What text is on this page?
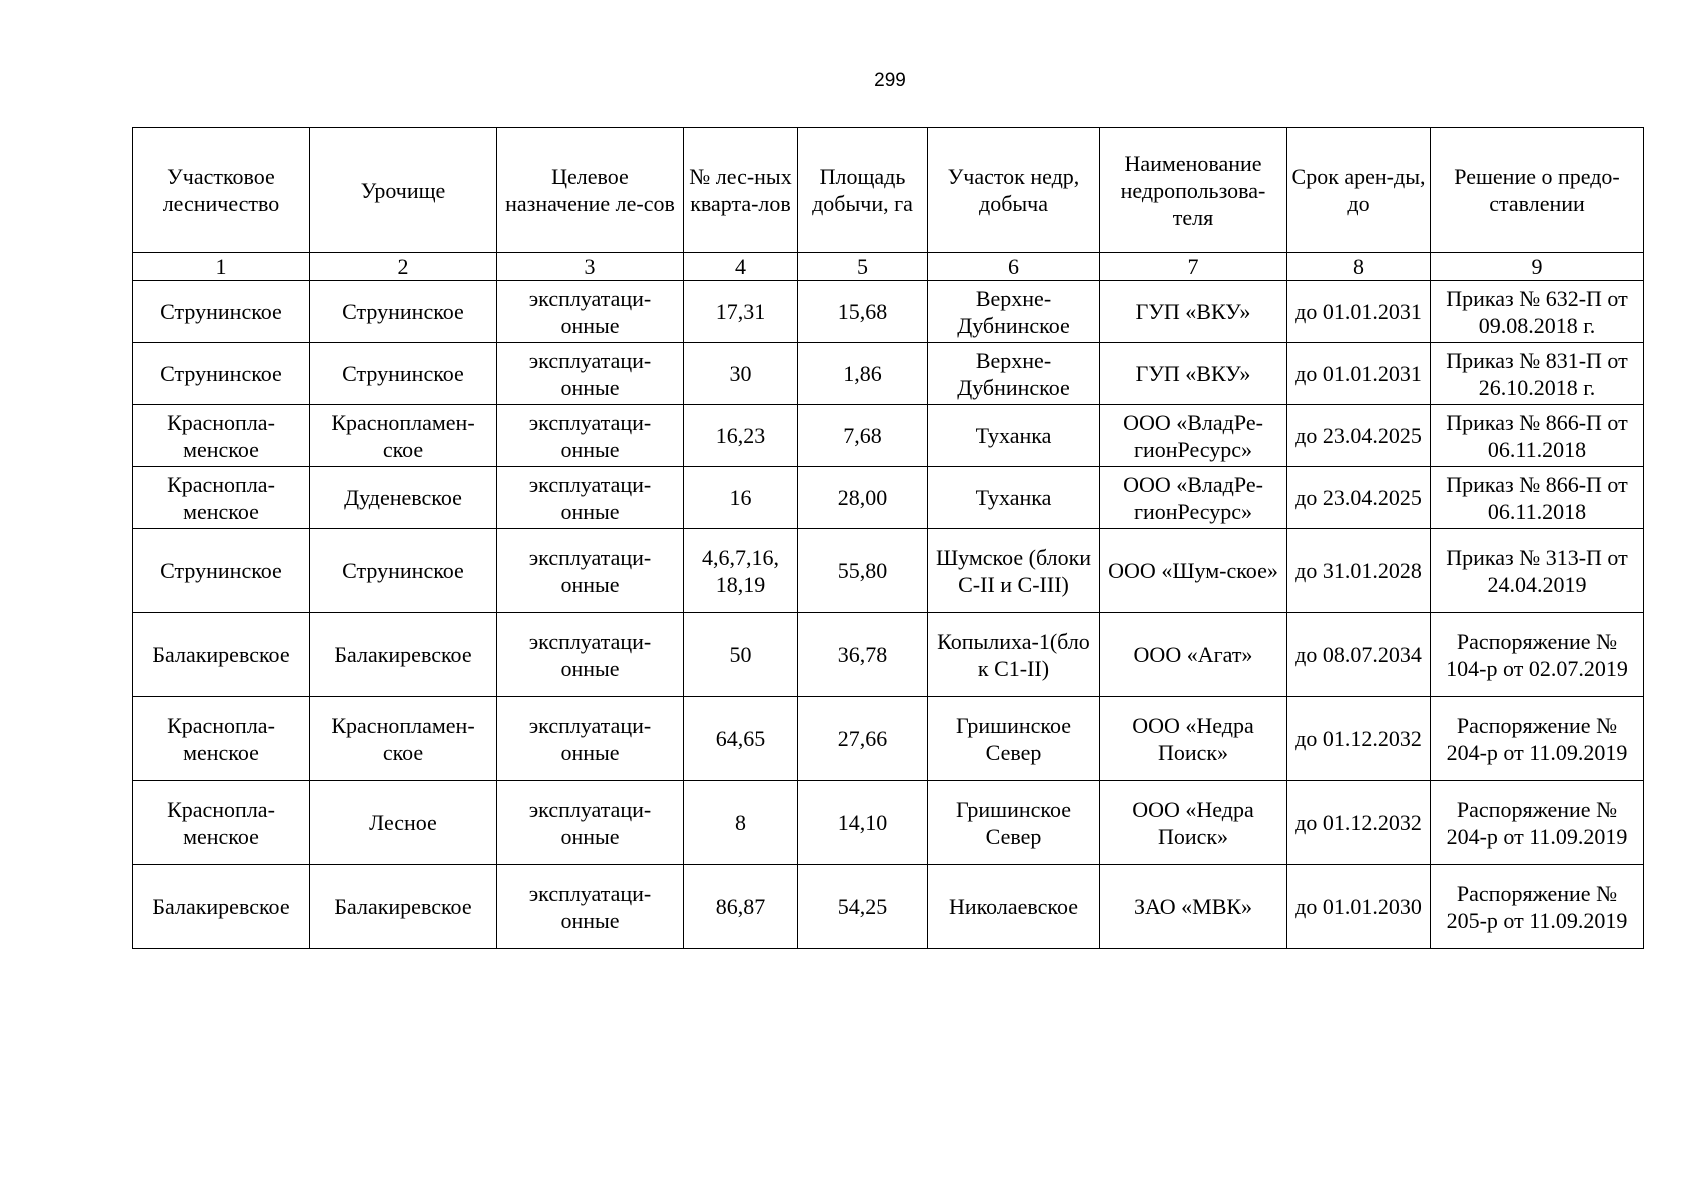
299
Участковое лесничество	Урочище	Целевое назначение ле-сов	№ лес-ных кварта-лов	Площадь добычи, га	Участок недр, добыча	Наименование недропользова-теля	Срок арен-ды, до	Решение о предо-ставлении
1	2	3	4	5	6	7	8	9
Струнинское	Струнинское	эксплуатаци-онные	17,31	15,68	Верхне-Дубнинское	ГУП «ВКУ»	до 01.01.2031	Приказ № 632-П от 09.08.2018 г.
Струнинское	Струнинское	эксплуатаци-онные	30	1,86	Верхне-Дубнинское	ГУП «ВКУ»	до 01.01.2031	Приказ № 831-П от 26.10.2018 г.
Краснопла-менское	Краснопламен-ское	эксплуатаци-онные	16,23	7,68	Туханка	ООО «ВладРе-гионРесурс»	до 23.04.2025	Приказ № 866-П от 06.11.2018
Краснопла-менское	Дуденевское	эксплуатаци-онные	16	28,00	Туханка	ООО «ВладРе-гионРесурс»	до 23.04.2025	Приказ № 866-П от 06.11.2018
Струнинское	Струнинское	эксплуатаци-онные	4,6,7,16, 18,19	55,80	Шумское (блоки С-II и С-III)	ООО «Шум-ское»	до 31.01.2028	Приказ № 313-П от 24.04.2019
Балакиревское	Балакиревское	эксплуатаци-онные	50	36,78	Копылиха-1(блок С1-II)	ООО «Агат»	до 08.07.2034	Распоряжение № 104-р от 02.07.2019
Краснопла-менское	Краснопламен-ское	эксплуатаци-онные	64,65	27,66	Гришинское Север	ООО «Недра Поиск»	до 01.12.2032	Распоряжение № 204-р от 11.09.2019
Краснопла-менское	Лесное	эксплуатаци-онные	8	14,10	Гришинское Север	ООО «Недра Поиск»	до 01.12.2032	Распоряжение № 204-р от 11.09.2019
Балакиревское	Балакиревское	эксплуатаци-онные	86,87	54,25	Николаевское	ЗАО «МВК»	до 01.01.2030	Распоряжение № 205-р от 11.09.2019
